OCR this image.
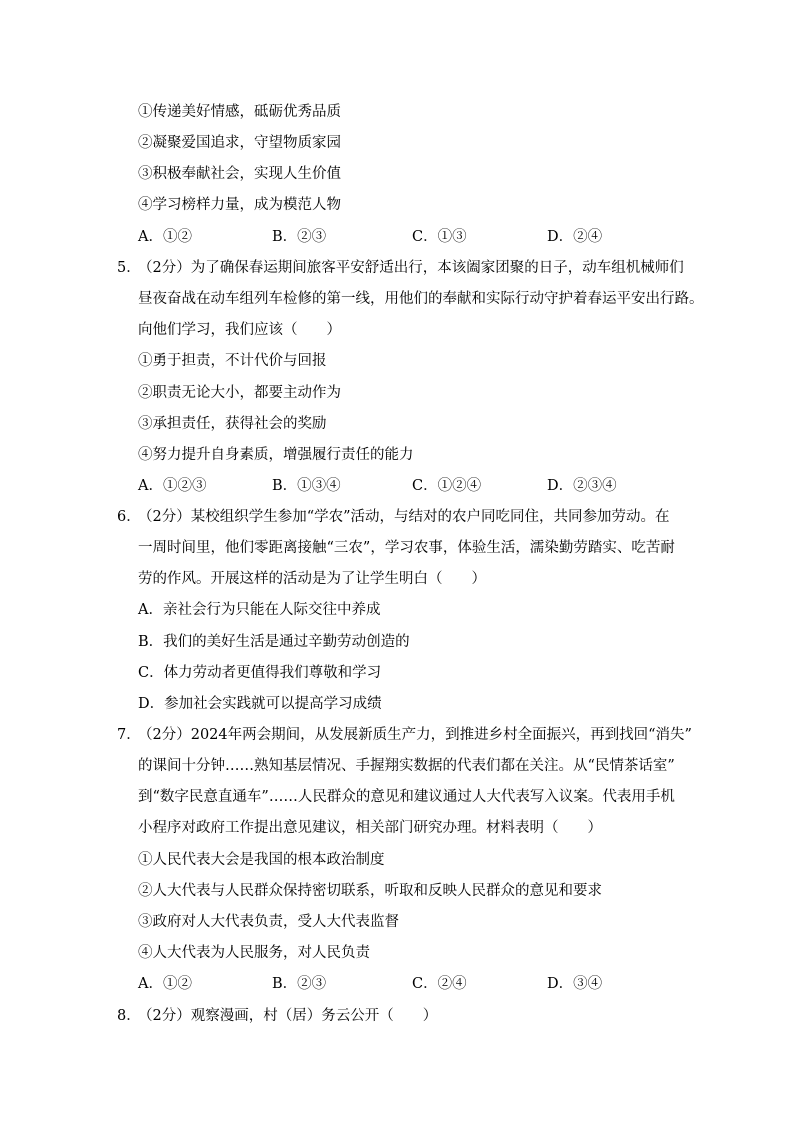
①传递美好情感，砥砺优秀品质
②凝聚爱国追求，守望物质家园
③积极奉献社会，实现人生价值
④学习榜样力量，成为模范人物
A．①②	B．②③	C．①③	D．②④
5．
（2分）为了确保春运期间旅客平安舒适出行，本该阖家团聚的日子，动车组机械师们
昼夜奋战在动车组列车检修的第一线，用他们的奉献和实际行动守护着春运平安出行路。
向他们学习，我们应该（　　）
①勇于担责，不计代价与回报
②职责无论大小，都要主动作为
③承担责任，获得社会的奖励
④努力提升自身素质，增强履行责任的能力
A．①②③	B．①③④	C．①②④	D．②③④
6．
（2分）某校组织学生参加“学农”活动，与结对的农户同吃同住，共同参加劳动。在
一周时间里，他们零距离接触“三农”，学习农事，体验生活，濡染勤劳踏实、吃苦耐
劳的作风。开展这样的活动是为了让学生明白（　　）
A．亲社会行为只能在人际交往中养成
B．我们的美好生活是通过辛勤劳动创造的
C．体力劳动者更值得我们尊敬和学习
D．参加社会实践就可以提高学习成绩
7．
（2分）2024年两会期间，从发展新质生产力，到推进乡村全面振兴，再到找回“消失”
的课间十分钟……熟知基层情况、手握翔实数据的代表们都在关注。从“民情茶话室”
到“数字民意直通车”……人民群众的意见和建议通过人大代表写入议案。代表用手机
小程序对政府工作提出意见建议，相关部门研究办理。材料表明（　　）
①人民代表大会是我国的根本政治制度
②人大代表与人民群众保持密切联系，听取和反映人民群众的意见和要求
③政府对人大代表负责，受人大代表监督
④人大代表为人民服务，对人民负责
A．①②	B．②③	C．②④	D．③④
8．
（2分）观察漫画，村（居）务云公开（　　）
